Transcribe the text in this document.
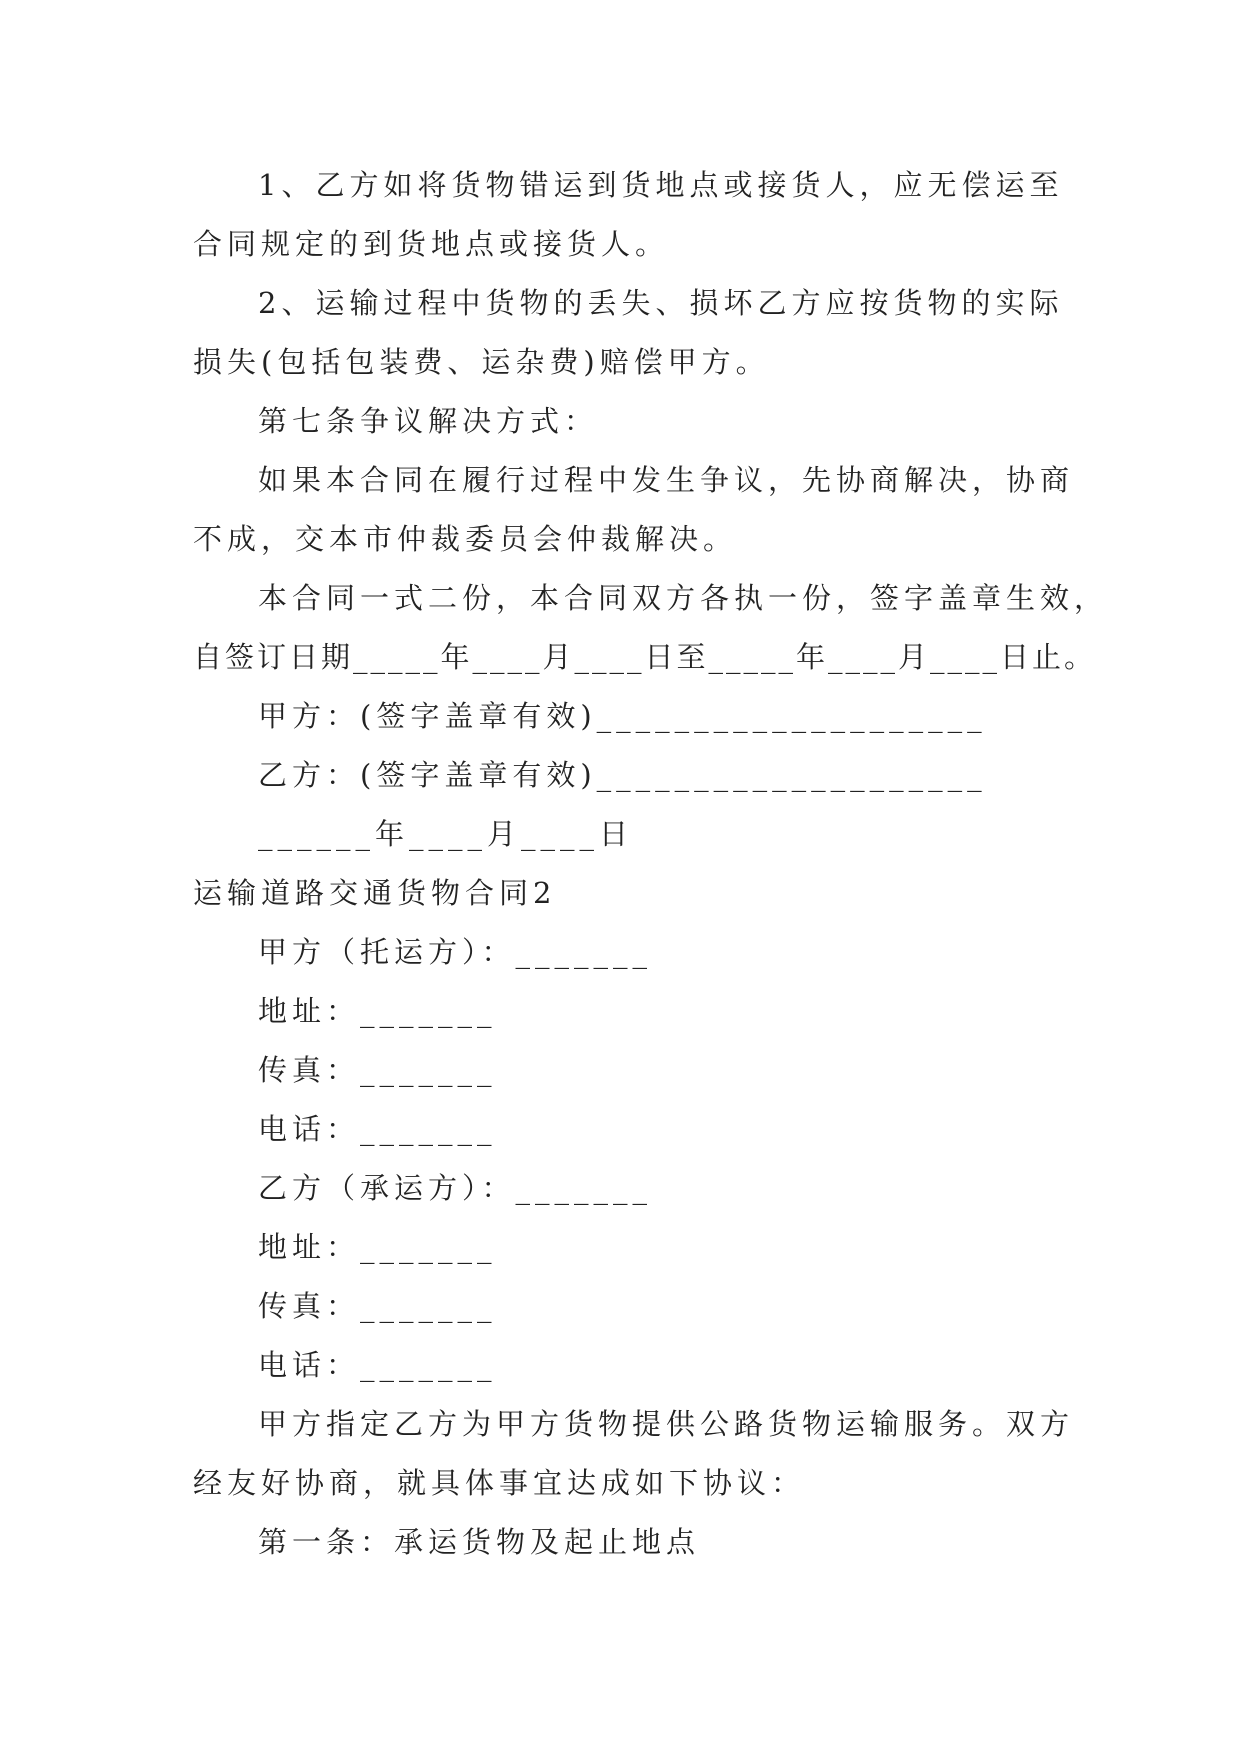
1、乙方如将货物错运到货地点或接货人，应无偿运至
合同规定的到货地点或接货人。
2、运输过程中货物的丢失、损坏乙方应按货物的实际
损失(包括包装费、运杂费)赔偿甲方。
第七条争议解决方式：
如果本合同在履行过程中发生争议，先协商解决，协商
不成，交本市仲裁委员会仲裁解决。
本合同一式二份，本合同双方各执一份，签字盖章生效，
自签订日期_____年____月____日至_____年____月____日止。
甲方：(签字盖章有效)____________________
乙方：(签字盖章有效)____________________
______年____月____日
运输道路交通货物合同2
甲方（托运方）：_______
地址：_______
传真：_______
电话：_______
乙方（承运方）：_______
地址：_______
传真：_______
电话：_______
甲方指定乙方为甲方货物提供公路货物运输服务。双方
经友好协商，就具体事宜达成如下协议：
第一条：承运货物及起止地点
